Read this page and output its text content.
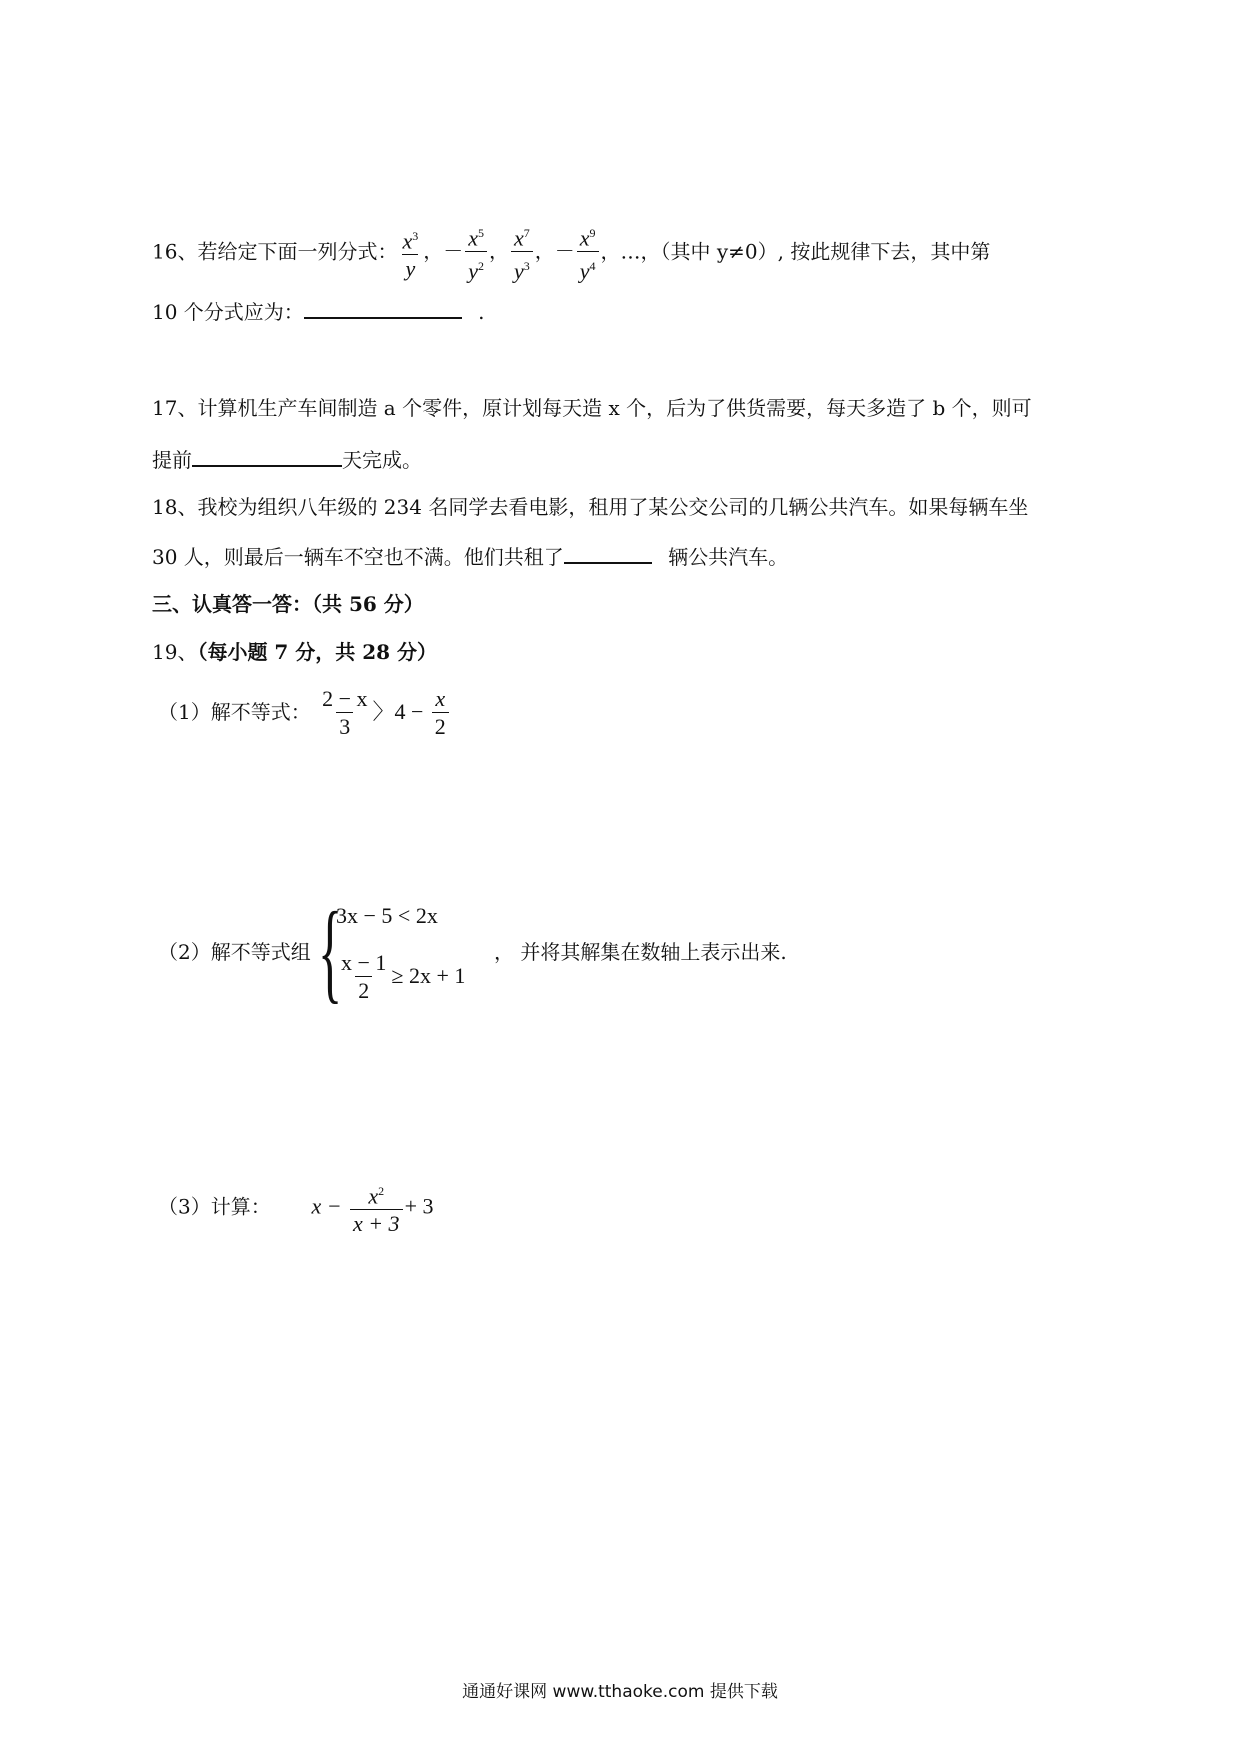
16、若给定下面一列分式： $\frac{x^3}{y}$ ，－ $\frac{x^5}{y^2}$ ， $\frac{x^7}{y^3}$ ，－ $\frac{x^9}{y^4}$ ，…，（其中 y≠0）, 按此规律下去，其中第
10 个分式应为：	.
17、计算机生产车间制造 a 个零件，原计划每天造 x 个，后为了供货需要，每天多造了 b 个，则可
提前	天完成。
18、我校为组织八年级的 234 名同学去看电影，租用了某公交公司的几辆公共汽车。如果每辆车坐
30 人，则最后一辆车不空也不满。他们共租了	辆公共汽车。
三、认真答一答：（共 56 分）
19、（每小题 7 分，共 28 分）
（1）解不等式： $\frac{2 - x}{3}$ 〉$4 - \frac{x}{2}$
（2）解不等式组 {
3x − 5 < 2x
$\frac{x - 1}{2} \ge 2x + 1$
， 并将其解集在数轴上表示出来.
（3）计算： $x - \frac{x^2}{x + 3} + 3$
通通好课网 www.tthaoke.com 提供下载
